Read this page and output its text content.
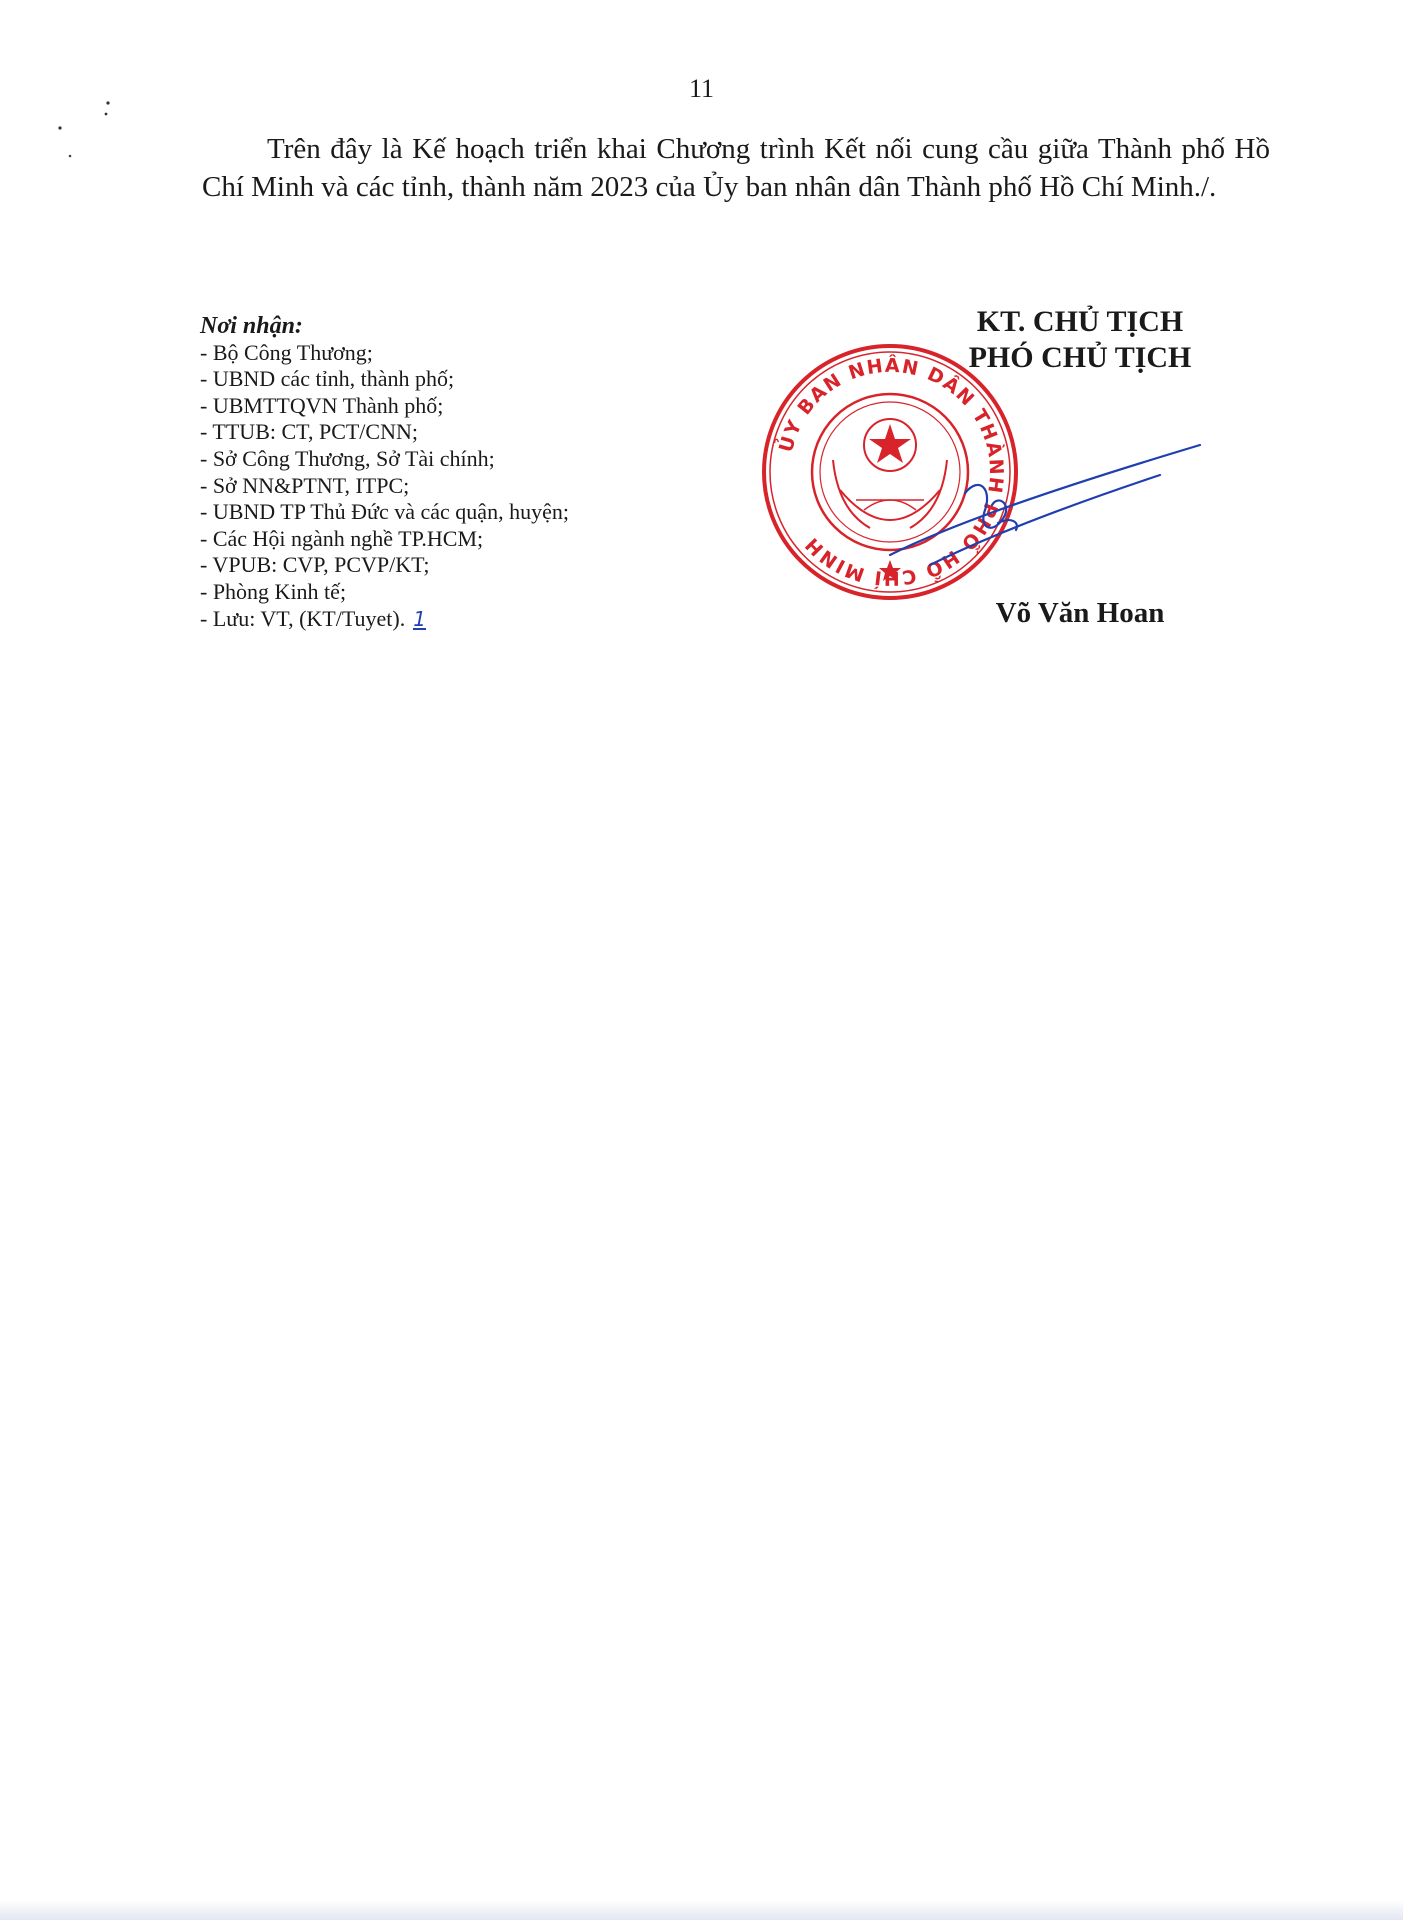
11

Trên đây là Kế hoạch triển khai Chương trình Kết nối cung cầu giữa Thành phố Hồ Chí Minh và các tỉnh, thành năm 2023 của Ủy ban nhân dân Thành phố Hồ Chí Minh./.

Nơi nhận:
- Bộ Công Thương;
- UBND các tỉnh, thành phố;
- UBMTTQVN Thành phố;
- TTUB: CT, PCT/CNN;
- Sở Công Thương, Sở Tài chính;
- Sở NN&PTNT, ITPC;
- UBND TP Thủ Đức và các quận, huyện;
- Các Hội ngành nghề TP.HCM;
- VPUB: CVP, PCVP/KT;
- Phòng Kinh tế;
- Lưu: VT, (KT/Tuyet). 1
ỦY BAN NHÂN DÂN THÀNH PHỐ HỒ CHÍ MINH
KT. CHỦ TỊCH
PHÓ CHỦ TỊCH
Võ Văn Hoan
